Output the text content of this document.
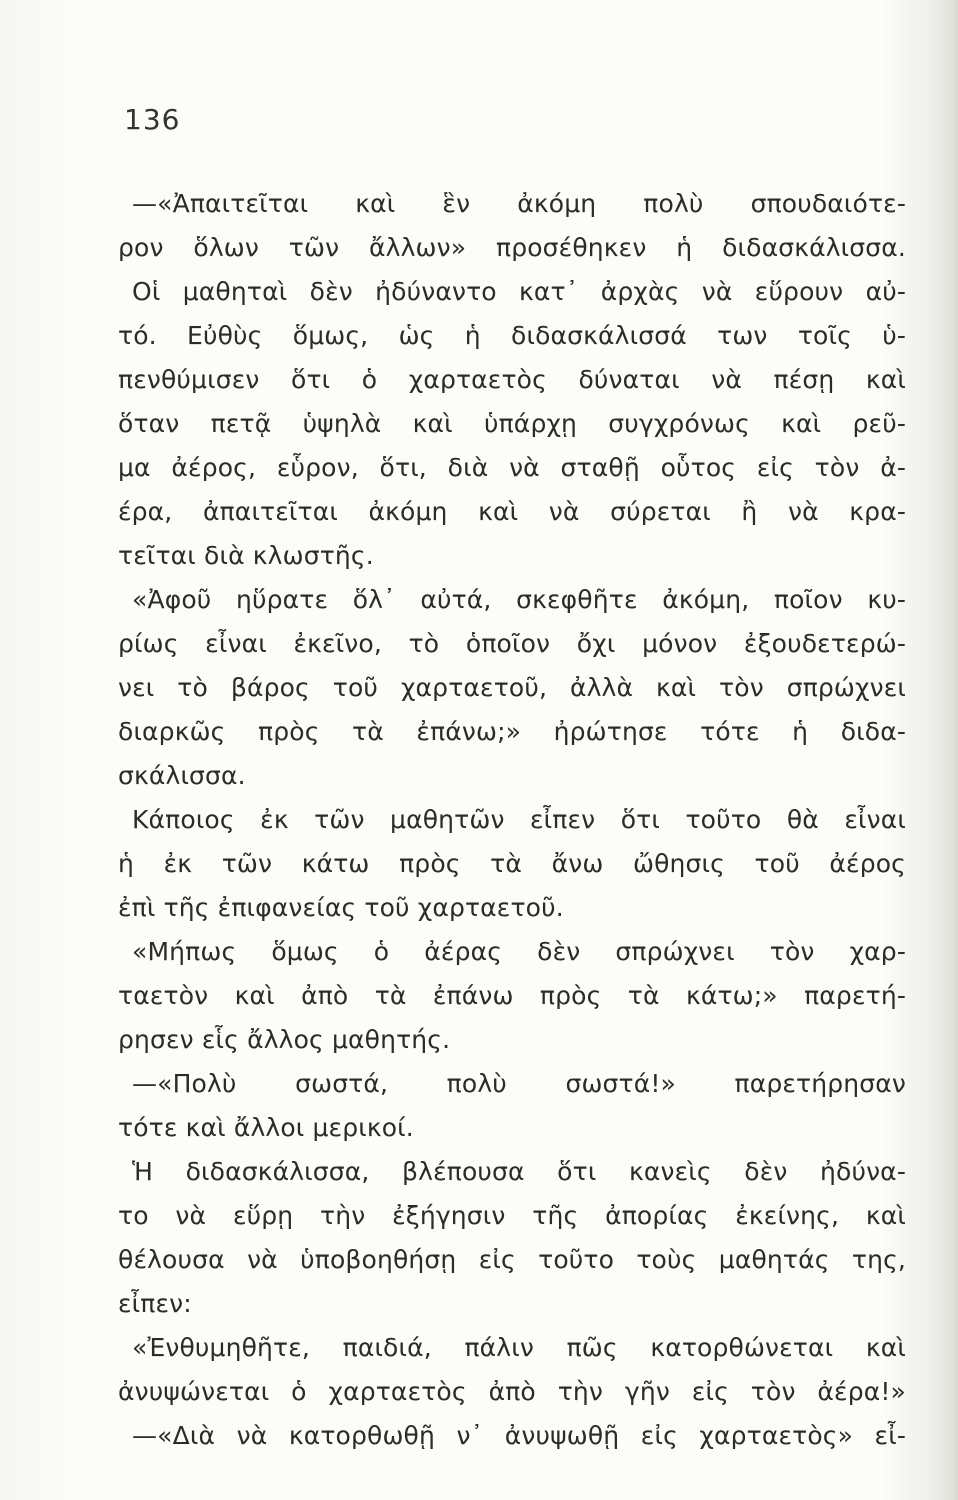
136
—«Ἀπαιτεῖται καὶ ἓν ἀκόμη πολὺ σπουδαιότε-
ρον ὅλων τῶν ἄλλων» προσέθηκεν ἡ διδασκάλισσα.
Οἱ μαθηταὶ δὲν ἠδύναντο κατ᾿ ἀρχὰς νὰ εὕρουν αὐ-
τό. Εὐθὺς ὅμως, ὡς ἡ διδασκάλισσά των τοῖς ὑ-
πενθύμισεν ὅτι ὁ χαρταετὸς δύναται νὰ πέσῃ καὶ
ὅταν πετᾷ ὑψηλὰ καὶ ὑπάρχῃ συγχρόνως καὶ ρεῦ-
μα ἀέρος, εὗρον, ὅτι, διὰ νὰ σταθῇ οὗτος εἰς τὸν ἀ-
έρα, ἀπαιτεῖται ἀκόμη καὶ νὰ σύρεται ἢ νὰ κρα-
τεῖται διὰ κλωστῆς.
«Ἀφοῦ ηὕρατε ὅλ᾿ αὐτά, σκεφθῆτε ἀκόμη, ποῖον κυ-
ρίως εἶναι ἐκεῖνο, τὸ ὁποῖον ὄχι μόνον ἐξουδετερώ-
νει τὸ βάρος τοῦ χαρταετοῦ, ἀλλὰ καὶ τὸν σπρώχνει
διαρκῶς πρὸς τὰ ἐπάνω;» ἠρώτησε τότε ἡ διδα-
σκάλισσα.
Κάποιος ἐκ τῶν μαθητῶν εἶπεν ὅτι τοῦτο θὰ εἶναι
ἡ ἐκ τῶν κάτω πρὸς τὰ ἄνω ὤθησις τοῦ ἀέρος
ἐπὶ τῆς ἐπιφανείας τοῦ χαρταετοῦ.
«Μήπως ὅμως ὁ ἀέρας δὲν σπρώχνει τὸν χαρ-
ταετὸν καὶ ἀπὸ τὰ ἐπάνω πρὸς τὰ κάτω;» παρετή-
ρησεν εἷς ἄλλος μαθητής.
—«Πολὺ σωστά, πολὺ σωστά!» παρετήρησαν
τότε καὶ ἄλλοι μερικοί.
Ἡ διδασκάλισσα, βλέπουσα ὅτι κανεὶς δὲν ἠδύνα-
το νὰ εὕρῃ τὴν ἐξήγησιν τῆς ἀπορίας ἐκείνης, καὶ
θέλουσα νὰ ὑποβοηθήσῃ εἰς τοῦτο τοὺς μαθητάς της,
εἶπεν:
«Ἐνθυμηθῆτε, παιδιά, πάλιν πῶς κατορθώνεται καὶ
ἀνυψώνεται ὁ χαρταετὸς ἀπὸ τὴν γῆν εἰς τὸν ἀέρα!»
—«Διὰ νὰ κατορθωθῇ ν᾿ ἀνυψωθῇ εἰς χαρταετὸς» εἶ-
